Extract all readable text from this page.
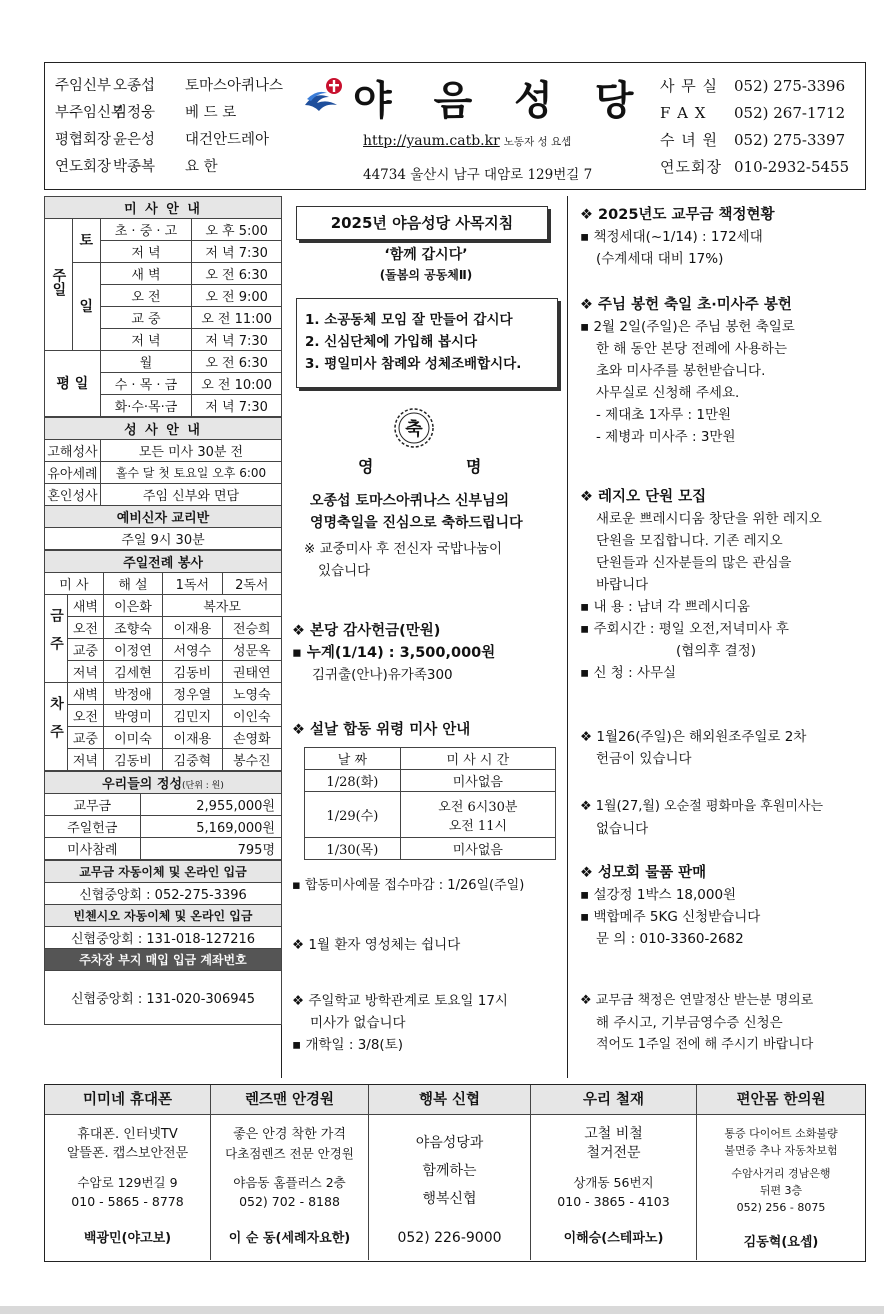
주임신부 오종섭 토마스아퀴나스
부주임신부김정웅 베 드 로
평협회장 윤은성 대건안드레아
연도회장 박종복 요 한
야 음 성 당
http://yaum.catb.kr 노동자 성 요셉
44734 울산시 남구 대암로 129번길 7
사 무 실 052) 275-3396
F A X 052) 267-1712
수 녀 원 052) 275-3397
연도회장 010-2932-5455
미 사 안 내			
주일	토	초 · 중 · 고	오 후 5:00
		저 녁	저 녁 7:30
	일	새 벽	오 전 6:30
		오 전	오 전 9:00
		교 중	오 전 11:00
		저 녁	저 녁 7:30
평 일		월	오 전 6:30
		수 · 목 · 금	오 전 10:00
		화·수·목·금	저 녁 7:30
성 사 안 내	
고해성사	모든 미사 30분 전
유아세례	홀수 달 첫 토요일 오후 6:00
혼인성사	주임 신부와 면담
예비신자 교리반	
주일 9시 30분	
주일전례 봉사				
미 사		해 설	1독서	2독서
금주	새벽	이은화	복자모	
	오전	조향숙	이재용	전승희
	교중	이정연	서영수	성문옥
	저녁	김세현	김동비	권태연
차주	새벽	박정애	정우열	노영숙
	오전	박영미	김민지	이인숙
	교중	이미숙	이재용	손영화
	저녁	김동비	김중혁	봉수진
우리들의 정성(단위 : 원)	
교무금	2,955,000원
주일헌금	5,169,000원
미사참례	795명
교무금 자동이체 및 온라인 입금
신협중앙회 : 052-275-3396
빈첸시오 자동이체 및 온라인 입금
신협중앙회 : 131-018-127216
주차장 부지 매입 입금 계좌번호
신협중앙회 : 131-020-306945
2025년 야음성당 사목지침
‘함께 갑시다’
(돌봄의 공동체Ⅱ)
1. 소공동체 모임 잘 만들어 갑시다
2. 신심단체에 가입해 봅시다
3. 평일미사 참례와 성체조배합시다.
축
영	명
오종섭 토마스아퀴나스 신부님의
영명축일을 진심으로 축하드립니다
※ 교중미사 후 전신자 국밥나눔이
있습니다
❖ 본당 감사헌금(만원)
▪ 누계(1/14) : 3,500,000원
김귀출(안나)유가족300
❖ 설날 합동 위령 미사 안내
날 짜	미 사 시 간
1/28(화)	미사없음
1/29(수)	오전 6시30분
오전 11시

1/30(목)	미사없음
▪ 합동미사예물 접수마감 : 1/26일(주일)
❖ 1월 환자 영성체는 쉽니다
❖ 주일학교 방학관계로 토요일 17시
미사가 없습니다
▪ 개학일 : 3/8(토)
❖ 2025년도 교무금 책정현황
▪ 책정세대(~1/14) : 172세대
(수계세대 대비 17%)
❖ 주님 봉헌 축일 초·미사주 봉헌
▪ 2월 2일(주일)은 주님 봉헌 축일로
한 해 동안 본당 전례에 사용하는
초와 미사주를 봉헌받습니다.
사무실로 신청해 주세요.
- 제대초 1자루 : 1만원
- 제병과 미사주 : 3만원
❖ 레지오 단원 모집
새로운 쁘레시디움 창단을 위한 레지오
단원을 모집합니다. 기존 레지오
단원들과 신자분들의 많은 관심을
바랍니다
▪ 내 용 : 남녀 각 쁘레시디움
▪ 주회시간 : 평일 오전,저녁미사 후
(협의후 결정)
▪ 신 청 : 사무실
❖ 1월26(주일)은 해외원조주일로 2차
헌금이 있습니다
❖ 1월(27,월) 오순절 평화마을 후원미사는
없습니다
❖ 성모회 물품 판매
▪ 설강정 1박스 18,000원
▪ 백합메주 5KG 신청받습니다
문 의 : 010-3360-2682
❖ 교무금 책정은 연말정산 받는분 명의로
해 주시고, 기부금영수증 신청은
적어도 1주일 전에 해 주시기 바랍니다
미미네 휴대폰
휴대폰. 인터넷TV
알뜰폰. 캡스보안전문
수암로 129번길 9
010 - 5865 - 8778
백광민(야고보)
렌즈맨 안경원
좋은 안경 착한 가격
다초점렌즈 전문 안경원
야음동 홈플러스 2층
052) 702 - 8188
이 순 동(세례자요한)
행복 신협
야음성당과
함께하는
행복신협
052) 226-9000
우리 철재
고철 비철
철거전문
상개동 56번지
010 - 3865 - 4103
이해승(스테파노)
편안몸 한의원
통증 다이어트 소화불량
불면증 추나 자동차보험
수암사거리 경남은행
뒤편 3층
052) 256 - 8075
김동혁(요셉)
